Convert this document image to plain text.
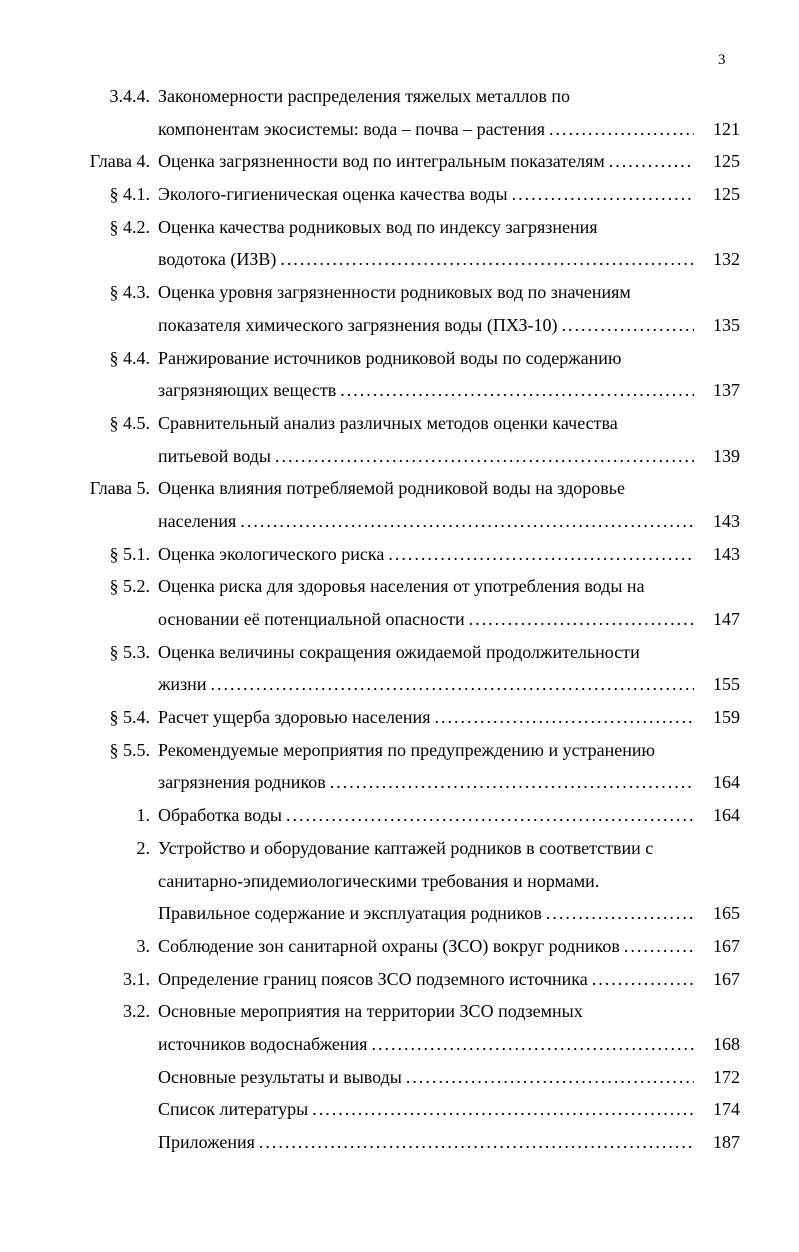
3
3.4.4. Закономерности распределения тяжелых металлов по
компонентам экосистемы: вода – почва – растения .....	121
Глава 4. Оценка загрязненности вод по интегральным показателям .....	125
§ 4.1. Эколого-гигиеническая оценка качества воды .....	125
§ 4.2. Оценка качества родниковых вод по индексу загрязнения
водотока (ИЗВ) .....	132
§ 4.3. Оценка уровня загрязненности родниковых вод по значениям
показателя химического загрязнения воды (ПХЗ-10) .....	135
§ 4.4. Ранжирование источников родниковой воды по содержанию
загрязняющих веществ .....	137
§ 4.5. Сравнительный анализ различных методов оценки качества
питьевой воды .....	139
Глава 5. Оценка влияния потребляемой родниковой воды на здоровье
населения .....	143
§ 5.1. Оценка экологического риска .....	143
§ 5.2. Оценка риска для здоровья населения от употребления воды на
основании её потенциальной опасности .....	147
§ 5.3. Оценка величины сокращения ожидаемой продолжительности
жизни .....	155
§ 5.4. Расчет ущерба здоровью населения .....	159
§ 5.5. Рекомендуемые мероприятия по предупреждению и устранению
загрязнения родников .....	164
1. Обработка воды .....	164
2. Устройство и оборудование каптажей родников в соответствии с
санитарно-эпидемиологическими требования и нормами.
Правильное содержание и эксплуатация родников .....	165
3. Соблюдение зон санитарной охраны (ЗСО) вокруг родников .....	167
3.1. Определение границ поясов ЗСО подземного источника .....	167
3.2. Основные мероприятия на территории ЗСО подземных
источников водоснабжения .....	168
Основные результаты и выводы .....	172
Список литературы .....	174
Приложения .....	187
